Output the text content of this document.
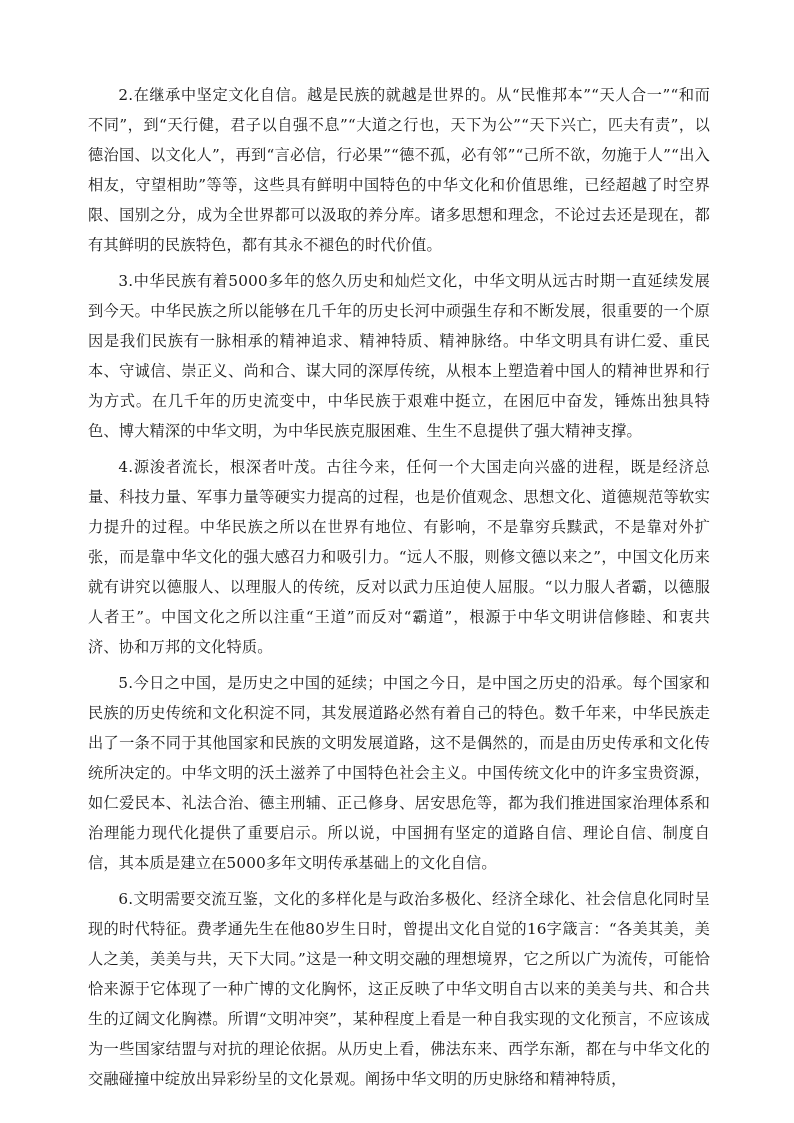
2.在继承中坚定文化自信。越是民族的就越是世界的。从“民惟邦本”“天人合一”“和而不同”，到“天行健，君子以自强不息”“大道之行也，天下为公”“天下兴亡，匹夫有责”，以德治国、以文化人”，再到“言必信，行必果”“德不孤，必有邻”“己所不欲，勿施于人”“出入相友，守望相助”等等，这些具有鲜明中国特色的中华文化和价值思维，已经超越了时空界限、国别之分，成为全世界都可以汲取的养分库。诸多思想和理念，不论过去还是现在，都有其鲜明的民族特色，都有其永不褪色的时代价值。

3.中华民族有着5000多年的悠久历史和灿烂文化，中华文明从远古时期一直延续发展到今天。中华民族之所以能够在几千年的历史长河中顽强生存和不断发展，很重要的一个原因是我们民族有一脉相承的精神追求、精神特质、精神脉络。中华文明具有讲仁爱、重民本、守诚信、崇正义、尚和合、谋大同的深厚传统，从根本上塑造着中国人的精神世界和行为方式。在几千年的历史流变中，中华民族于艰难中挺立，在困厄中奋发，锤炼出独具特色、博大精深的中华文明，为中华民族克服困难、生生不息提供了强大精神支撑。

4.源浚者流长，根深者叶茂。古往今来，任何一个大国走向兴盛的进程，既是经济总量、科技力量、军事力量等硬实力提高的过程，也是价值观念、思想文化、道德规范等软实力提升的过程。中华民族之所以在世界有地位、有影响，不是靠穷兵黩武，不是靠对外扩张，而是靠中华文化的强大感召力和吸引力。“远人不服，则修文德以来之”，中国文化历来就有讲究以德服人、以理服人的传统，反对以武力压迫使人屈服。“以力服人者霸，以德服人者王”。中国文化之所以注重“王道”而反对“霸道”，根源于中华文明讲信修睦、和衷共济、协和万邦的文化特质。

5.今日之中国，是历史之中国的延续；中国之今日，是中国之历史的沿承。每个国家和民族的历史传统和文化积淀不同，其发展道路必然有着自己的特色。数千年来，中华民族走出了一条不同于其他国家和民族的文明发展道路，这不是偶然的，而是由历史传承和文化传统所决定的。中华文明的沃土滋养了中国特色社会主义。中国传统文化中的许多宝贵资源，如仁爱民本、礼法合治、德主刑辅、正己修身、居安思危等，都为我们推进国家治理体系和治理能力现代化提供了重要启示。所以说，中国拥有坚定的道路自信、理论自信、制度自信，其本质是建立在5000多年文明传承基础上的文化自信。

6.文明需要交流互鉴，文化的多样化是与政治多极化、经济全球化、社会信息化同时呈现的时代特征。费孝通先生在他80岁生日时，曾提出文化自觉的16字箴言：“各美其美，美人之美，美美与共，天下大同。”这是一种文明交融的理想境界，它之所以广为流传，可能恰恰来源于它体现了一种广博的文化胸怀，这正反映了中华文明自古以来的美美与共、和合共生的辽阔文化胸襟。所谓“文明冲突”，某种程度上看是一种自我实现的文化预言，不应该成为一些国家结盟与对抗的理论依据。从历史上看，佛法东来、西学东渐，都在与中华文化的交融碰撞中绽放出异彩纷呈的文化景观。阐扬中华文明的历史脉络和精神特质，
